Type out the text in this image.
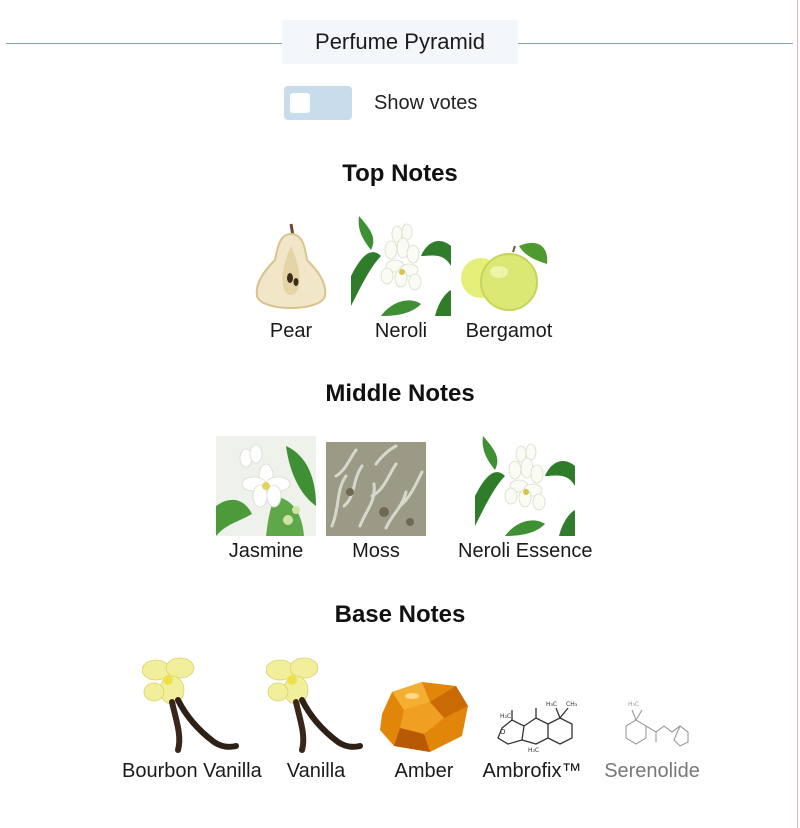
Perfume Pyramid
Show votes
Top Notes
Pear	Neroli Bergamot
Middle Notes
Jasmine Moss	Neroli Essence
Base Notes
Bourbon Vanilla Vanilla Amber
H₃C
H₃C CH₃
O
H₃C
Ambrofix™
H₃C
Serenolide
